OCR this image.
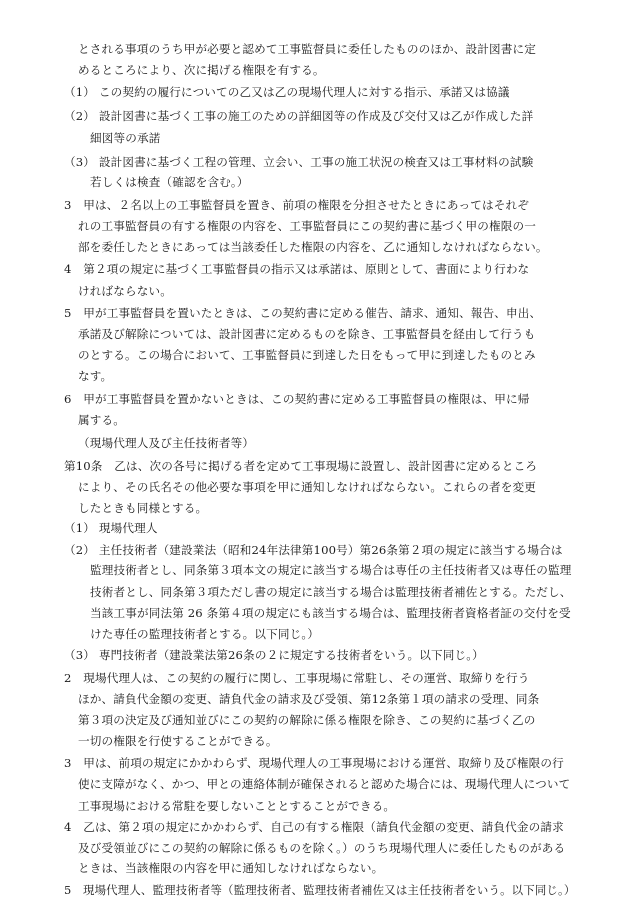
とされる事項のうち甲が必要と認めて工事監督員に委任したもののほか、設計図書に定
めるところにより、次に掲げる権限を有する。
（1） この契約の履行についての乙又は乙の現場代理人に対する指示、承諾又は協議
（2） 設計図書に基づく工事の施工のための詳細図等の作成及び交付又は乙が作成した詳
細図等の承諾
（3） 設計図書に基づく工程の管理、立会い、工事の施工状況の検査又は工事材料の試験
若しくは検査（確認を含む。）
3　甲は、２名以上の工事監督員を置き、前項の権限を分担させたときにあってはそれぞ
れの工事監督員の有する権限の内容を、工事監督員にこの契約書に基づく甲の権限の一
部を委任したときにあっては当該委任した権限の内容を、乙に通知しなければならない。
4　第２項の規定に基づく工事監督員の指示又は承諾は、原則として、書面により行わな
ければならない。
5　甲が工事監督員を置いたときは、この契約書に定める催告、請求、通知、報告、申出、
承諾及び解除については、設計図書に定めるものを除き、工事監督員を経由して行うも
のとする。この場合において、工事監督員に到達した日をもって甲に到達したものとみ
なす。
6　甲が工事監督員を置かないときは、この契約書に定める工事監督員の権限は、甲に帰
属する。
（現場代理人及び主任技術者等）
第10条　乙は、次の各号に掲げる者を定めて工事現場に設置し、設計図書に定めるところ
により、その氏名その他必要な事項を甲に通知しなければならない。これらの者を変更
したときも同様とする。
（1） 現場代理人
（2） 主任技術者（建設業法（昭和24年法律第100号）第26条第２項の規定に該当する場合は
監理技術者とし、同条第３項本文の規定に該当する場合は専任の主任技術者又は専任の監理
技術者とし、同条第３項ただし書の規定に該当する場合は監理技術者補佐とする。ただし、
当該工事が同法第 26 条第４項の規定にも該当する場合は、監理技術者資格者証の交付を受
けた専任の監理技術者とする。以下同じ。）
（3） 専門技術者（建設業法第26条の２に規定する技術者をいう。以下同じ。）
2　現場代理人は、この契約の履行に関し、工事現場に常駐し、その運営、取締りを行う
ほか、請負代金額の変更、請負代金の請求及び受領、第12条第１項の請求の受理、同条
第３項の決定及び通知並びにこの契約の解除に係る権限を除き、この契約に基づく乙の
一切の権限を行使することができる。
3　甲は、前項の規定にかかわらず、現場代理人の工事現場における運営、取締り及び権限の行
使に支障がなく、かつ、甲との連絡体制が確保されると認めた場合には、現場代理人について
工事現場における常駐を要しないこととすることができる。
4　乙は、第２項の規定にかかわらず、自己の有する権限（請負代金額の変更、請負代金の請求
及び受領並びにこの契約の解除に係るものを除く。）のうち現場代理人に委任したものがある
ときは、当該権限の内容を甲に通知しなければならない。
5　現場代理人、監理技術者等（監理技術者、監理技術者補佐又は主任技術者をいう。以下同じ。）
